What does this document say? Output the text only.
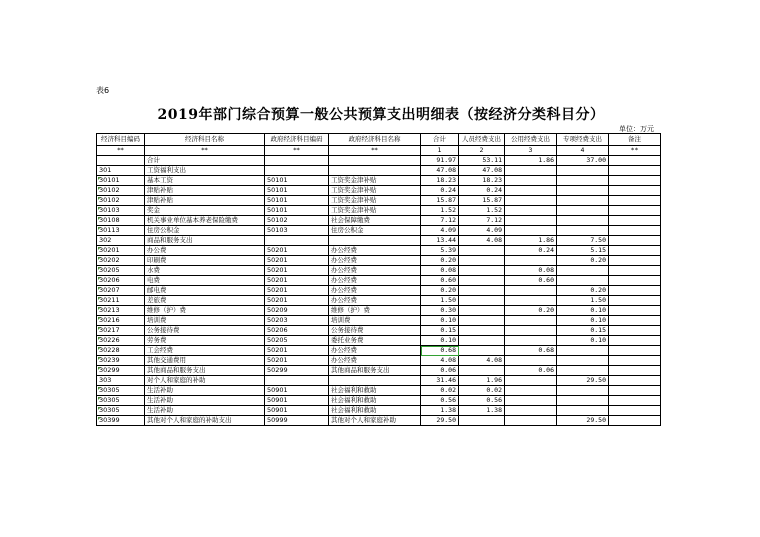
表6
2019年部门综合预算一般公共预算支出明细表（按经济分类科目分）
单位：万元
经济科目编码	经济科目名称	政府经济科目编码	政府经济科目名称	合计	人员经费支出	公用经费支出	专项经费支出	备注
**	**	**	**	1	2	3	4	**
	合计			91.97	53.11	1.86	37.00	
301	工资福利支出			47.08	47.08			
30101	基本工资	50101	工资奖金津补贴	18.23	18.23			
30102	津贴补贴	50101	工资奖金津补贴	0.24	0.24			
30102	津贴补贴	50101	工资奖金津补贴	15.87	15.87			
30103	奖金	50101	工资奖金津补贴	1.52	1.52			
30108	机关事业单位基本养老保险缴费	50102	社会保障缴费	7.12	7.12			
30113	住房公积金	50103	住房公积金	4.09	4.09			
302	商品和服务支出			13.44	4.08	1.86	7.50	
30201	办公费	50201	办公经费	5.39		0.24	5.15	
30202	印刷费	50201	办公经费	0.20			0.20	
30205	水费	50201	办公经费	0.08		0.08		
30206	电费	50201	办公经费	0.60		0.60		
30207	邮电费	50201	办公经费	0.20			0.20	
30211	差旅费	50201	办公经费	1.50			1.50	
30213	维修（护）费	50209	维修（护）费	0.30		0.20	0.10	
30216	培训费	50203	培训费	0.10			0.10	
30217	公务接待费	50206	公务接待费	0.15			0.15	
30226	劳务费	50205	委托业务费	0.10			0.10	
30228	工会经费	50201	办公经费	0.68		0.68		
30239	其他交通费用	50201	办公经费	4.08	4.08			
30299	其他商品和服务支出	50299	其他商品和服务支出	0.06		0.06		
303	对个人和家庭的补助			31.46	1.96		29.50	
30305	生活补助	50901	社会福利和救助	0.02	0.02			
30305	生活补助	50901	社会福利和救助	0.56	0.56			
30305	生活补助	50901	社会福利和救助	1.38	1.38			
30399	其他对个人和家庭的补助支出	50999	其他对个人和家庭补助	29.50			29.50	
